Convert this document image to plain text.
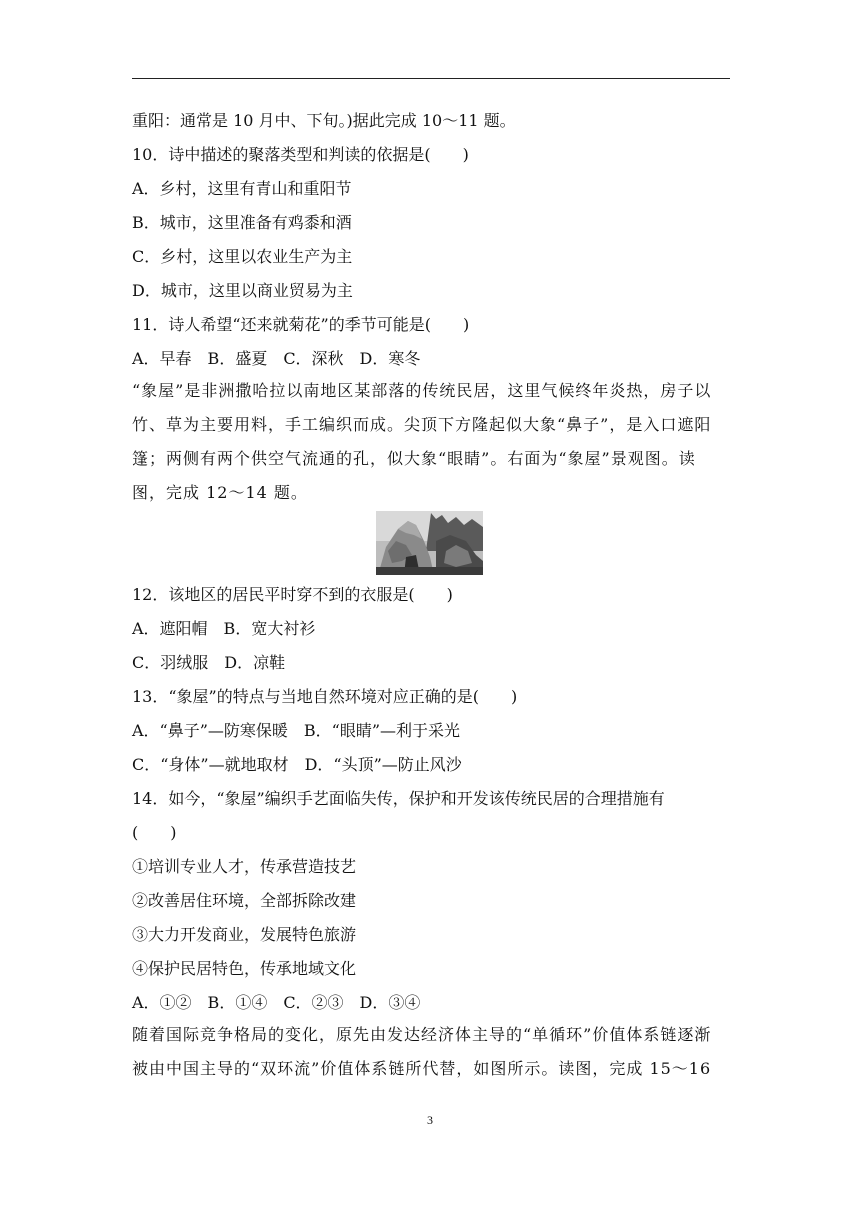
重阳：通常是 10 月中、下旬。)据此完成 10～11 题。
10．诗中描述的聚落类型和判读的依据是(　　)
A．乡村，这里有青山和重阳节
B．城市，这里准备有鸡黍和酒
C．乡村，这里以农业生产为主
D．城市，这里以商业贸易为主
11．诗人希望“还来就菊花”的季节可能是(　　)
A．早春　B．盛夏　C．深秋　D．寒冬
“象屋”是非洲撒哈拉以南地区某部落的传统民居，这里气候终年炎热，房子以
竹、草为主要用料，手工编织而成。尖顶下方隆起似大象“鼻子”，是入口遮阳
篷；两侧有两个供空气流通的孔，似大象“眼睛”。右面为“象屋”景观图。读
图，完成 12～14 题。
12．该地区的居民平时穿不到的衣服是(　　)
A．遮阳帽　B．宽大衬衫
C．羽绒服　D．凉鞋
13．“象屋”的特点与当地自然环境对应正确的是(　　)
A．“鼻子”—防寒保暖　B．“眼睛”—利于采光
C．“身体”—就地取材　D．“头顶”—防止风沙
14．如今，“象屋”编织手艺面临失传，保护和开发该传统民居的合理措施有
(　　)
①培训专业人才，传承营造技艺
②改善居住环境，全部拆除改建
③大力开发商业，发展特色旅游
④保护民居特色，传承地域文化
A．①②　B．①④　C．②③　D．③④
随着国际竞争格局的变化，原先由发达经济体主导的“单循环”价值体系链逐渐
被由中国主导的“双环流”价值体系链所代替，如图所示。读图，完成 15～16
3
